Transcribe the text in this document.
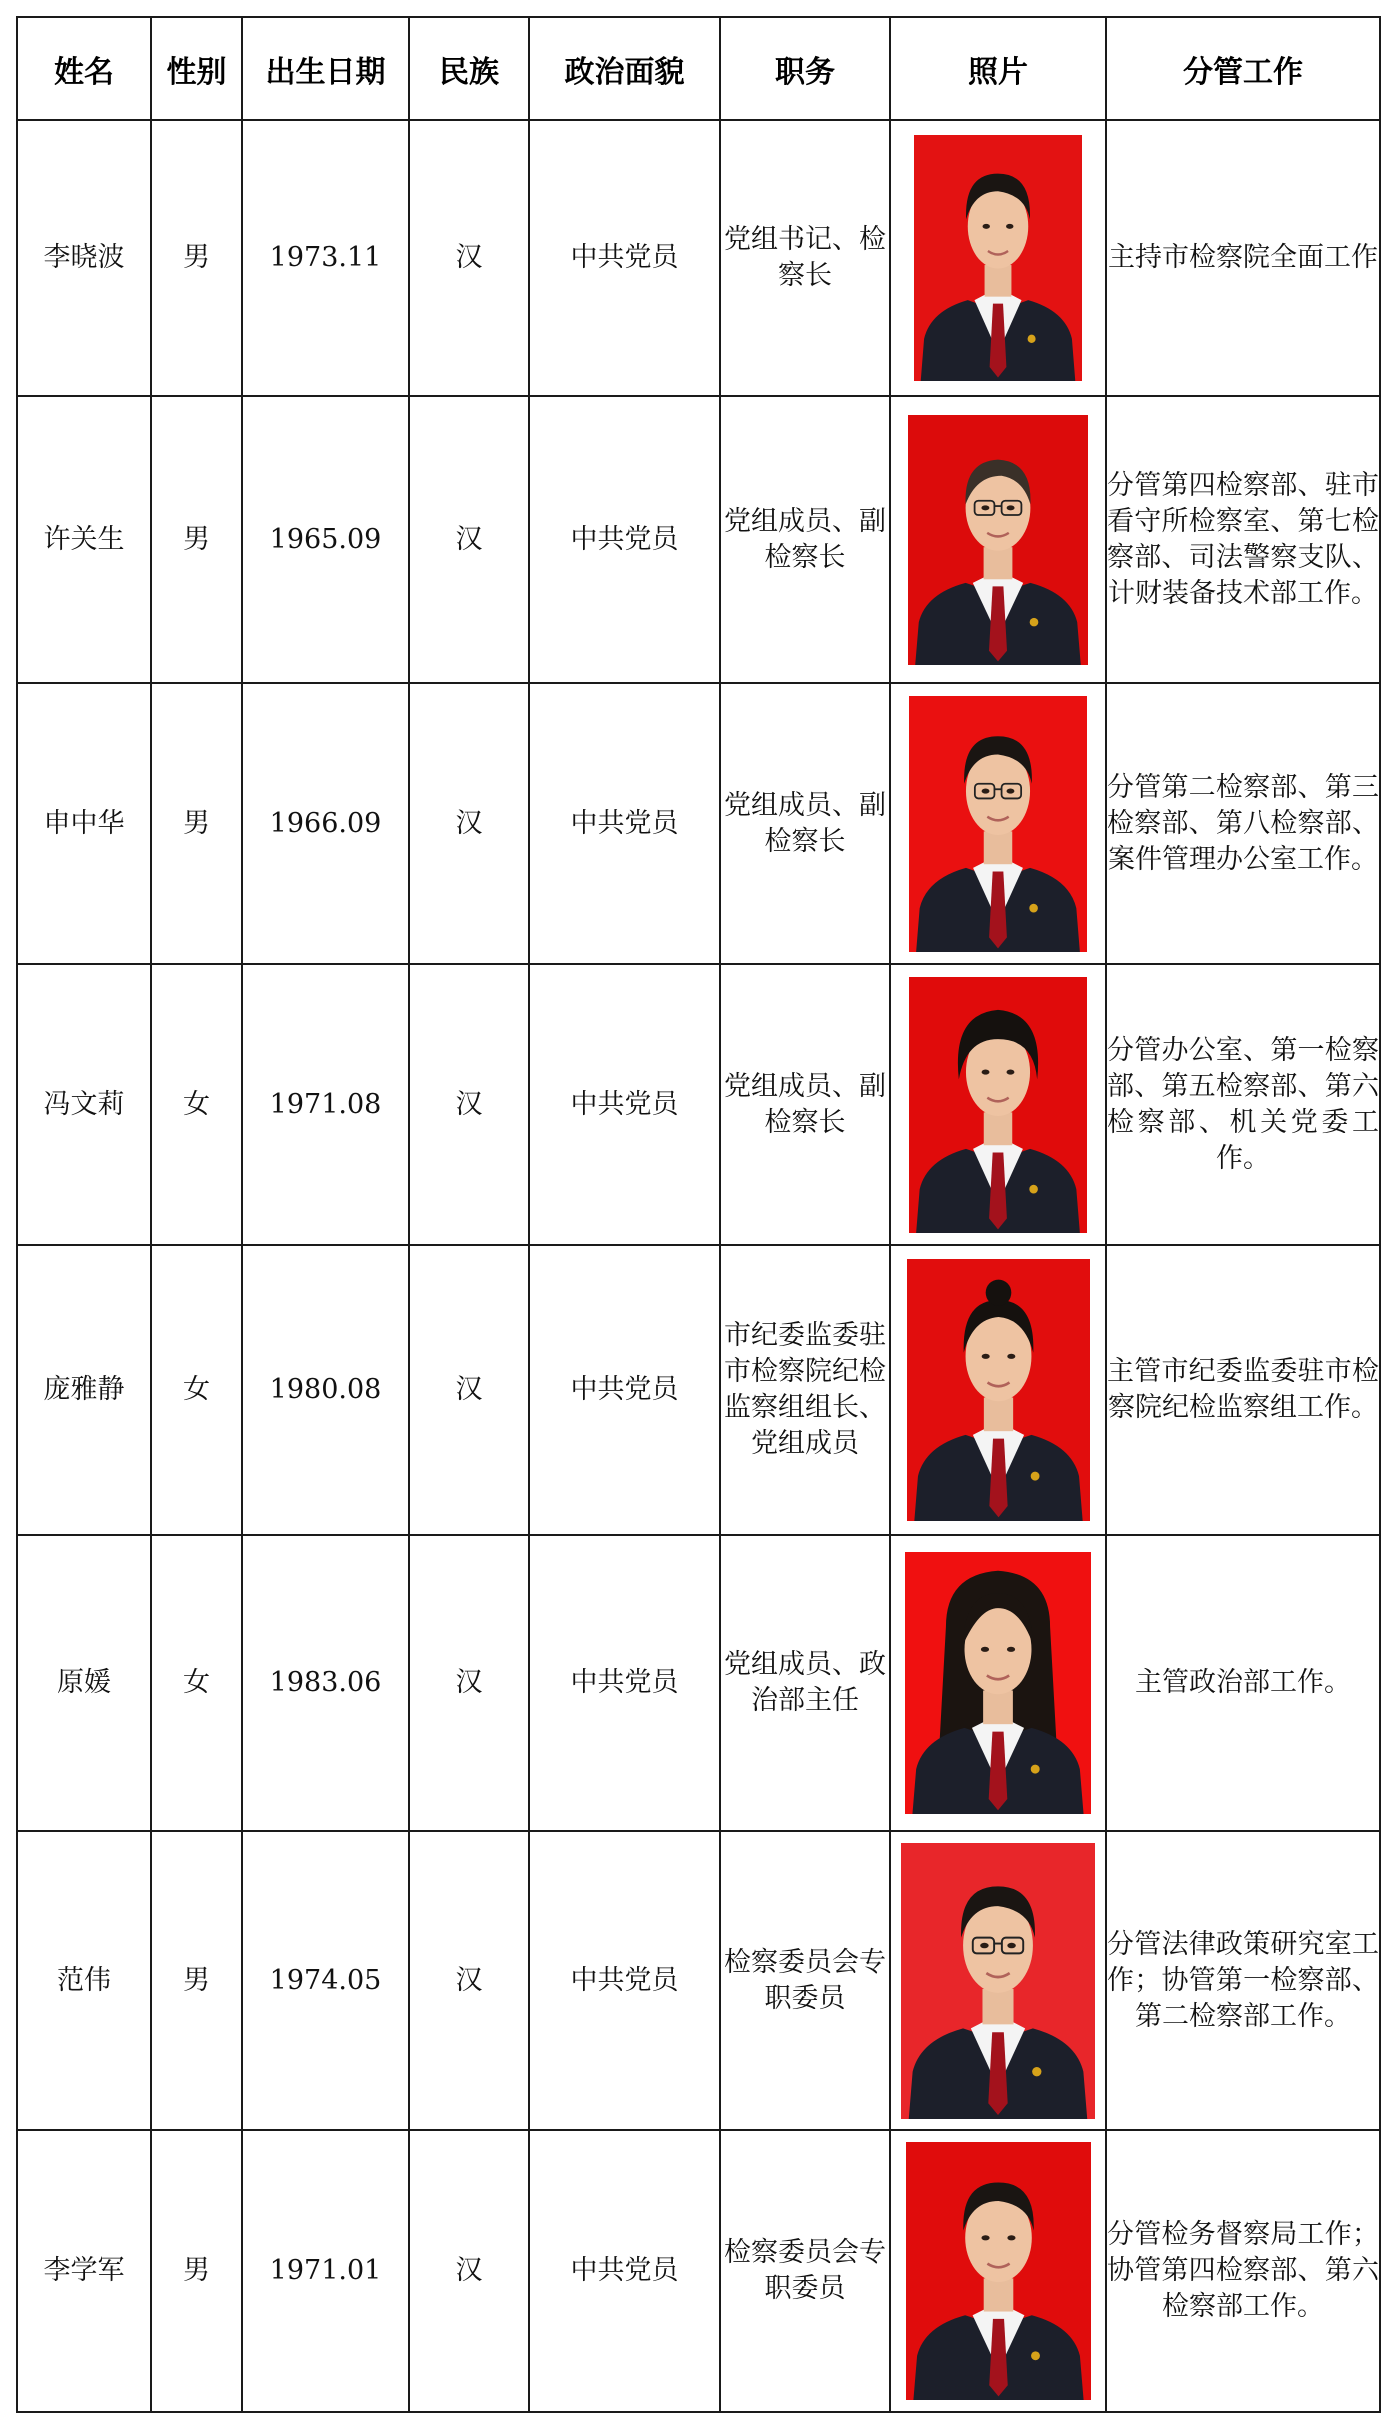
姓名	性别	出生日期	民族	政治面貌	职务	照片	分管工作
李晓波	男	1973.11	汉	中共党员	党组书记、检察长		主持市检察院全面工作

许关生	男	1965.09	汉	中共党员	党组成员、副检察长		分管第四检察部、驻市看守所检察室、第七检察部、司法警察支队、计财装备技术部工作。

申中华	男	1966.09	汉	中共党员	党组成员、副检察长		分管第二检察部、第三检察部、第八检察部、案件管理办公室工作。

冯文莉	女	1971.08	汉	中共党员	党组成员、副检察长		分管办公室、第一检察部、第五检察部、第六检察部、机关党委工作。

庞雅静	女	1980.08	汉	中共党员	市纪委监委驻市检察院纪检监察组组长、党组成员		主管市纪委监委驻市检察院纪检监察组工作。

原媛	女	1983.06	汉	中共党员	党组成员、政治部主任		主管政治部工作。

范伟	男	1974.05	汉	中共党员	检察委员会专职委员		分管法律政策研究室工作；协管第一检察部、第二检察部工作。

李学军	男	1971.01	汉	中共党员	检察委员会专职委员		分管检务督察局工作；协管第四检察部、第六检察部工作。
